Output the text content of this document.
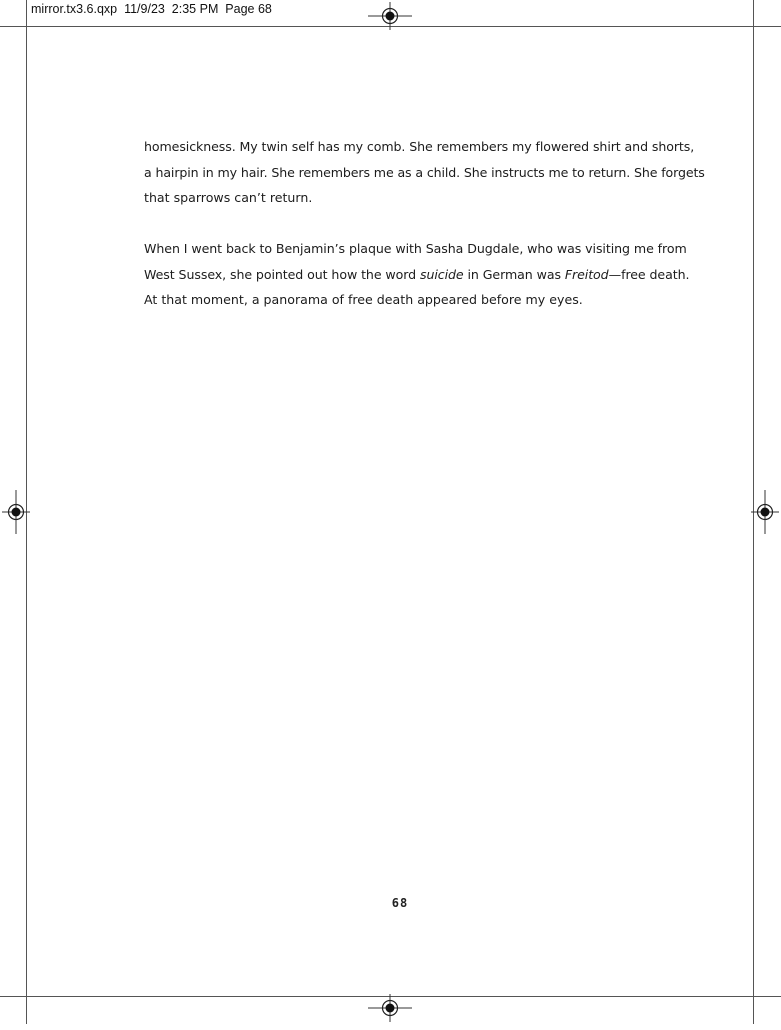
mirror.tx3.6.qxp  11/9/23  2:35 PM  Page 68

homesickness. My twin self has my comb. She remembers my flowered shirt and shorts,
a hairpin in my hair. She remembers me as a child. She instructs me to return. She forgets
that sparrows can’t return.

When I went back to Benjamin’s plaque with Sasha Dugdale, who was visiting me from
West Sussex, she pointed out how the word suicide in German was Freitod—free death.
At that moment, a panorama of free death appeared before my eyes.

68
